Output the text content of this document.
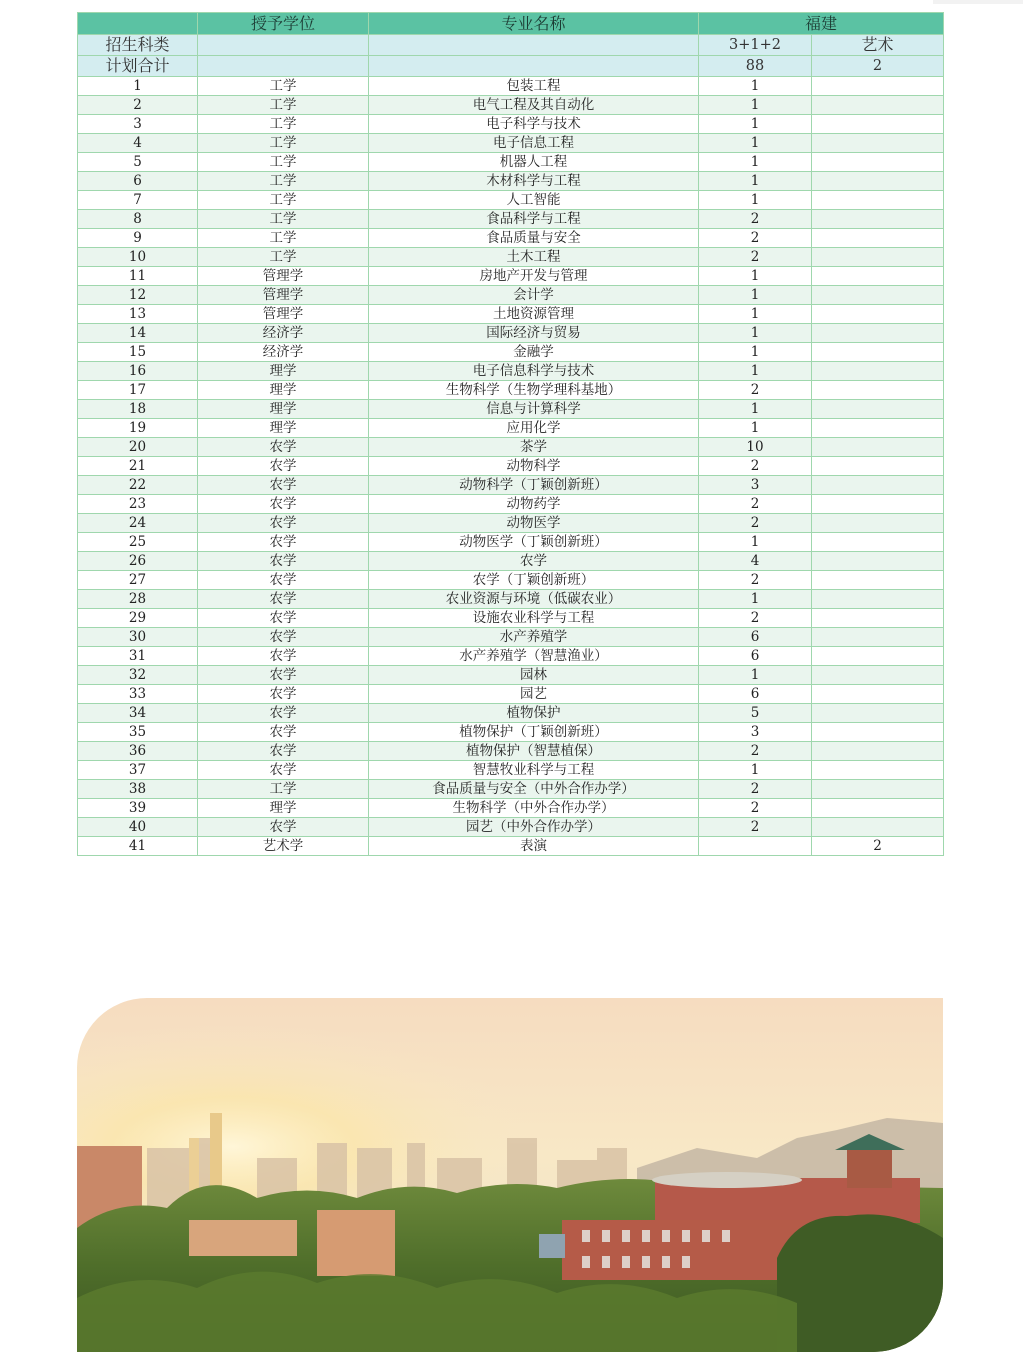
	授予学位	专业名称	福建	
招生科类			3+1+2	艺术
计划合计			88	2
1	工学	包装工程	1	
2	工学	电气工程及其自动化	1	
3	工学	电子科学与技术	1	
4	工学	电子信息工程	1	
5	工学	机器人工程	1	
6	工学	木材科学与工程	1	
7	工学	人工智能	1	
8	工学	食品科学与工程	2	
9	工学	食品质量与安全	2	
10	工学	土木工程	2	
11	管理学	房地产开发与管理	1	
12	管理学	会计学	1	
13	管理学	土地资源管理	1	
14	经济学	国际经济与贸易	1	
15	经济学	金融学	1	
16	理学	电子信息科学与技术	1	
17	理学	生物科学（生物学理科基地）	2	
18	理学	信息与计算科学	1	
19	理学	应用化学	1	
20	农学	茶学	10	
21	农学	动物科学	2	
22	农学	动物科学（丁颖创新班）	3	
23	农学	动物药学	2	
24	农学	动物医学	2	
25	农学	动物医学（丁颖创新班）	1	
26	农学	农学	4	
27	农学	农学（丁颖创新班）	2	
28	农学	农业资源与环境（低碳农业）	1	
29	农学	设施农业科学与工程	2	
30	农学	水产养殖学	6	
31	农学	水产养殖学（智慧渔业）	6	
32	农学	园林	1	
33	农学	园艺	6	
34	农学	植物保护	5	
35	农学	植物保护（丁颖创新班）	3	
36	农学	植物保护（智慧植保）	2	
37	农学	智慧牧业科学与工程	1	
38	工学	食品质量与安全（中外合作办学）	2	
39	理学	生物科学（中外合作办学）	2	
40	农学	园艺（中外合作办学）	2	
41	艺术学	表演		2
